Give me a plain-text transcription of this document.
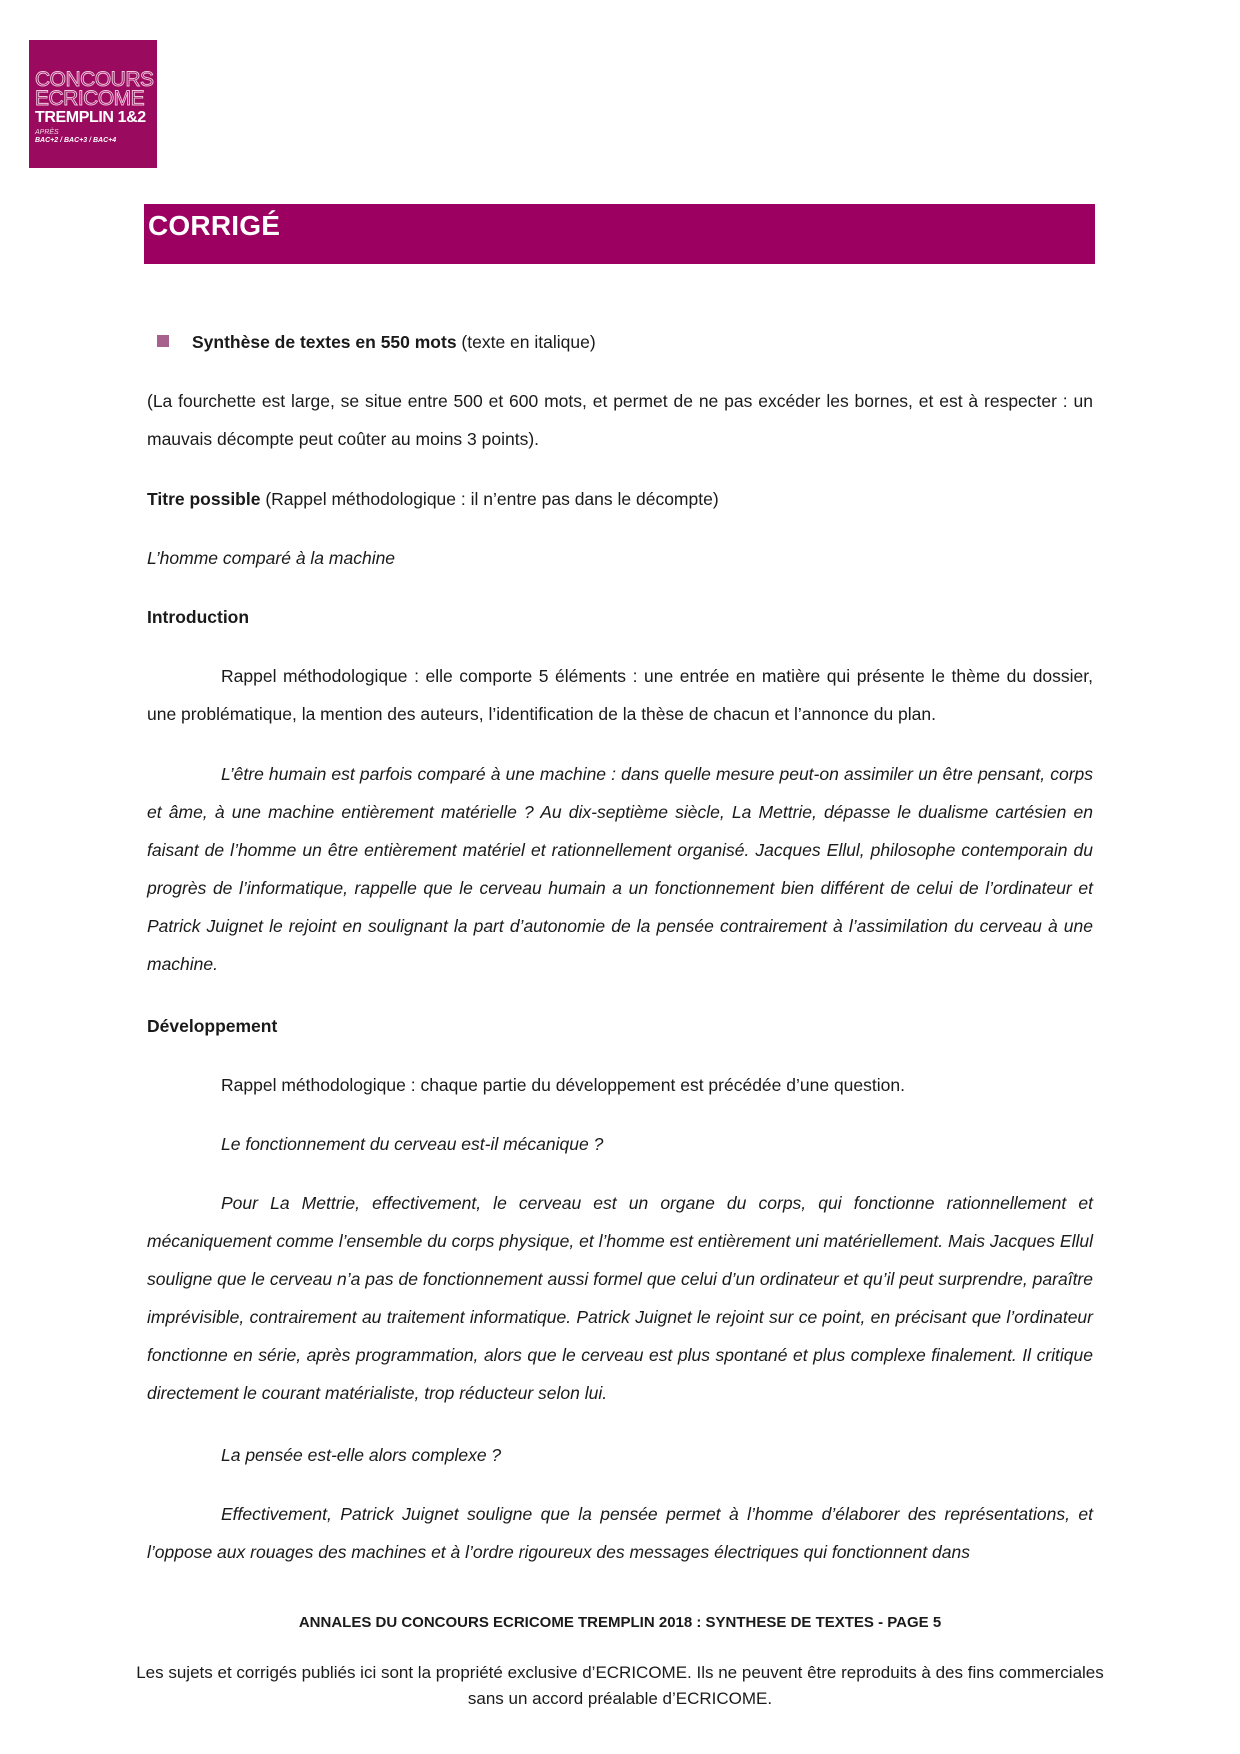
CONCOURS
ECRICOME
TREMPLIN 1&2
APRÈS
BAC+2 / BAC+3 / BAC+4
CORRIGÉ

Synthèse de textes en 550 mots (texte en italique)

(La fourchette est large, se situe entre 500 et 600 mots, et permet de ne pas excéder les bornes, et est à respecter : un mauvais décompte peut coûter au moins 3 points).

Titre possible (Rappel méthodologique : il n’entre pas dans le décompte)

L’homme comparé à la machine

Introduction

Rappel méthodologique : elle comporte 5 éléments : une entrée en matière qui présente le thème du dossier, une problématique, la mention des auteurs, l’identification de la thèse de chacun et l’annonce du plan.

L’être humain est parfois comparé à une machine : dans quelle mesure peut-on assimiler un être pensant, corps et âme, à une machine entièrement matérielle ? Au dix-septième siècle, La Mettrie, dépasse le dualisme cartésien en faisant de l’homme un être entièrement matériel et rationnellement organisé. Jacques Ellul, philosophe contemporain du progrès de l’informatique, rappelle que le cerveau humain a un fonctionnement bien différent de celui de l’ordinateur et Patrick Juignet le rejoint en soulignant la part d’autonomie de la pensée contrairement à l’assimilation du cerveau à une machine.

Développement

Rappel méthodologique : chaque partie du développement est précédée d’une question.

Le fonctionnement du cerveau est-il mécanique ?

Pour La Mettrie, effectivement, le cerveau est un organe du corps, qui fonctionne rationnellement et mécaniquement comme l’ensemble du corps physique, et l’homme est entièrement uni matériellement. Mais Jacques Ellul souligne que le cerveau n’a pas de fonctionnement aussi formel que celui d’un ordinateur et qu’il peut surprendre, paraître imprévisible, contrairement au traitement informatique. Patrick Juignet le rejoint sur ce point, en précisant que l’ordinateur fonctionne en série, après programmation, alors que le cerveau est plus spontané et plus complexe finalement. Il critique directement le courant matérialiste, trop réducteur selon lui.

La pensée est-elle alors complexe ?

Effectivement, Patrick Juignet souligne que la pensée permet à l’homme d’élaborer des représentations, et l’oppose aux rouages des machines et à l’ordre rigoureux des messages électriques qui fonctionnent dans

ANNALES DU CONCOURS ECRICOME TREMPLIN 2018 : SYNTHESE DE TEXTES - PAGE 5
Les sujets et corrigés publiés ici sont la propriété exclusive d’ECRICOME. Ils ne peuvent être reproduits à des fins commerciales sans un accord préalable d’ECRICOME.
